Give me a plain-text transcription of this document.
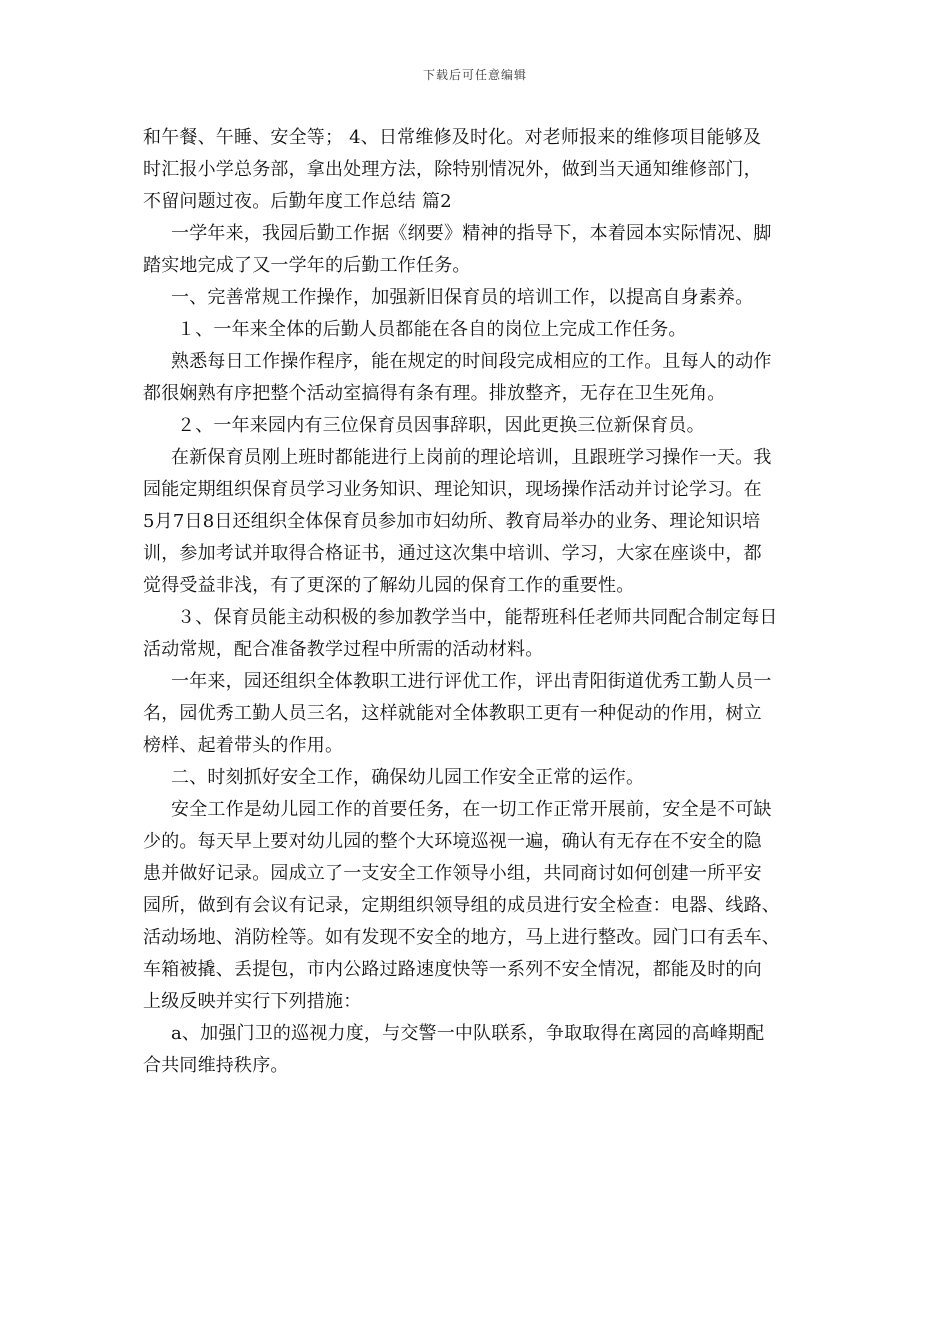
下载后可任意编辑
和午餐、午睡、安全等； 4、日常维修及时化。对老师报来的维修项目能够及
时汇报小学总务部，拿出处理方法，除特别情况外，做到当天通知维修部门，
不留问题过夜。后勤年度工作总结 篇2
一学年来，我园后勤工作据《纲要》精神的指导下，本着园本实际情况、脚
踏实地完成了又一学年的后勤工作任务。
一、完善常规工作操作，加强新旧保育员的培训工作，以提高自身素养。
１、一年来全体的后勤人员都能在各自的岗位上完成工作任务。
熟悉每日工作操作程序，能在规定的时间段完成相应的工作。且每人的动作
都很娴熟有序把整个活动室搞得有条有理。排放整齐，无存在卫生死角。
２、一年来园内有三位保育员因事辞职，因此更换三位新保育员。
在新保育员刚上班时都能进行上岗前的理论培训，且跟班学习操作一天。我
园能定期组织保育员学习业务知识、理论知识，现场操作活动并讨论学习。在
5月7日8日还组织全体保育员参加市妇幼所、教育局举办的业务、理论知识培
训，参加考试并取得合格证书，通过这次集中培训、学习，大家在座谈中，都
觉得受益非浅，有了更深的了解幼儿园的保育工作的重要性。
３、保育员能主动积极的参加教学当中，能帮班科任老师共同配合制定每日
活动常规，配合准备教学过程中所需的活动材料。
一年来，园还组织全体教职工进行评优工作，评出青阳街道优秀工勤人员一
名，园优秀工勤人员三名，这样就能对全体教职工更有一种促动的作用，树立
榜样、起着带头的作用。
二、时刻抓好安全工作，确保幼儿园工作安全正常的运作。
安全工作是幼儿园工作的首要任务，在一切工作正常开展前，安全是不可缺
少的。每天早上要对幼儿园的整个大环境巡视一遍，确认有无存在不安全的隐
患并做好记录。园成立了一支安全工作领导小组，共同商讨如何创建一所平安
园所，做到有会议有记录，定期组织领导组的成员进行安全检查：电器、线路、
活动场地、消防栓等。如有发现不安全的地方，马上进行整改。园门口有丢车、
车箱被撬、丢提包，市内公路过路速度快等一系列不安全情况，都能及时的向
上级反映并实行下列措施：
a、加强门卫的巡视力度，与交警一中队联系，争取取得在离园的高峰期配
合共同维持秩序。
